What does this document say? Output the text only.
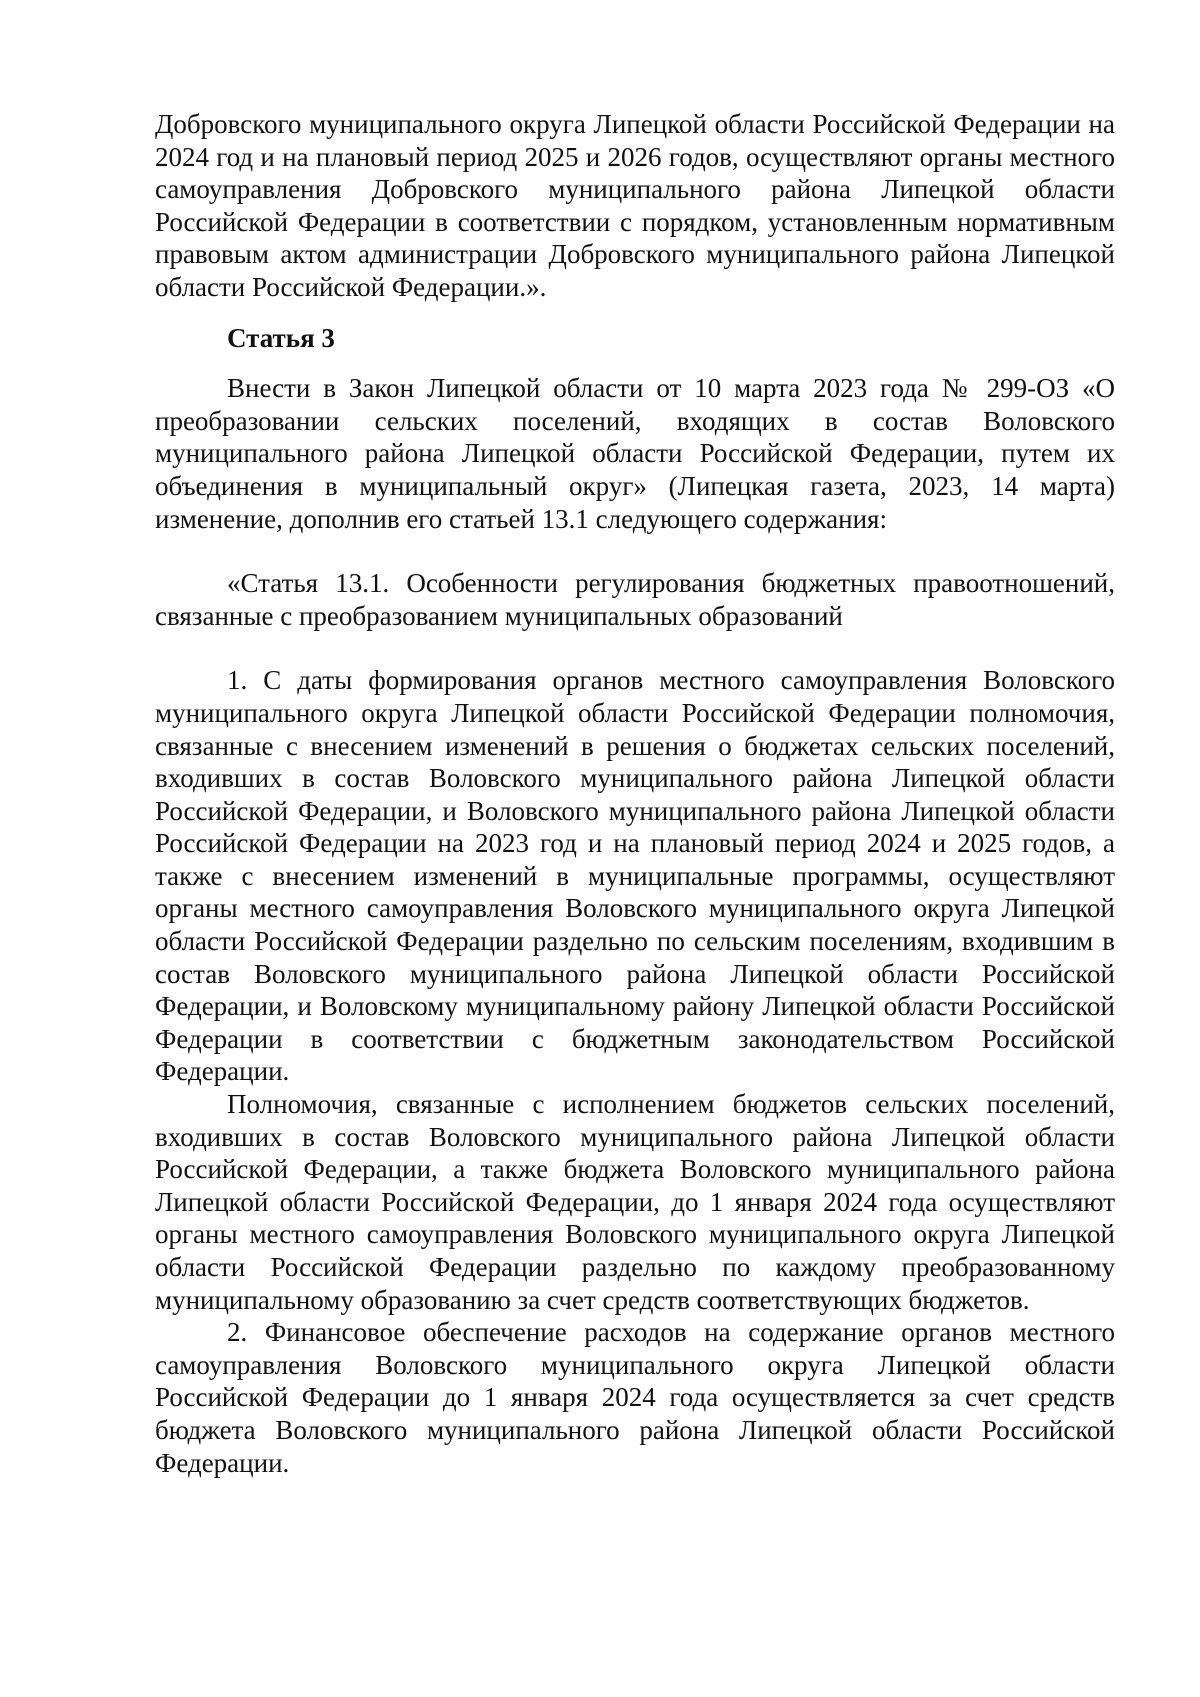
Добровского муниципального округа Липецкой области Российской Федерации на 2024 год и на плановый период 2025 и 2026 годов, осуществляют органы местного самоуправления Добровского муниципального района Липецкой области Российской Федерации в соответствии с порядком, установленным нормативным правовым актом администрации Добровского муниципального района Липецкой области Российской Федерации.».

Статья 3

Внести в Закон Липецкой области от 10 марта 2023 года № 299-ОЗ «О преобразовании сельских поселений, входящих в состав Воловского муниципального района Липецкой области Российской Федерации, путем их объединения в муниципальный округ» (Липецкая газета, 2023, 14 марта) изменение, дополнив его статьей 13.1 следующего содержания:

«Статья 13.1. Особенности регулирования бюджетных правоотношений, связанные с преобразованием муниципальных образований

1. С даты формирования органов местного самоуправления Воловского муниципального округа Липецкой области Российской Федерации полномочия, связанные с внесением изменений в решения о бюджетах сельских поселений, входивших в состав Воловского муниципального района Липецкой области Российской Федерации, и Воловского муниципального района Липецкой области Российской Федерации на 2023 год и на плановый период 2024 и 2025 годов, а также с внесением изменений в муниципальные программы, осуществляют органы местного самоуправления Воловского муниципального округа Липецкой области Российской Федерации раздельно по сельским поселениям, входившим в состав Воловского муниципального района Липецкой области Российской Федерации, и Воловскому муниципальному району Липецкой области Российской Федерации в соответствии с бюджетным законодательством Российской Федерации.

Полномочия, связанные с исполнением бюджетов сельских поселений, входивших в состав Воловского муниципального района Липецкой области Российской Федерации, а также бюджета Воловского муниципального района Липецкой области Российской Федерации, до 1 января 2024 года осуществляют органы местного самоуправления Воловского муниципального округа Липецкой области Российской Федерации раздельно по каждому преобразованному муниципальному образованию за счет средств соответствующих бюджетов.

2. Финансовое обеспечение расходов на содержание органов местного самоуправления Воловского муниципального округа Липецкой области Российской Федерации до 1 января 2024 года осуществляется за счет средств бюджета Воловского муниципального района Липецкой области Российской Федерации.
